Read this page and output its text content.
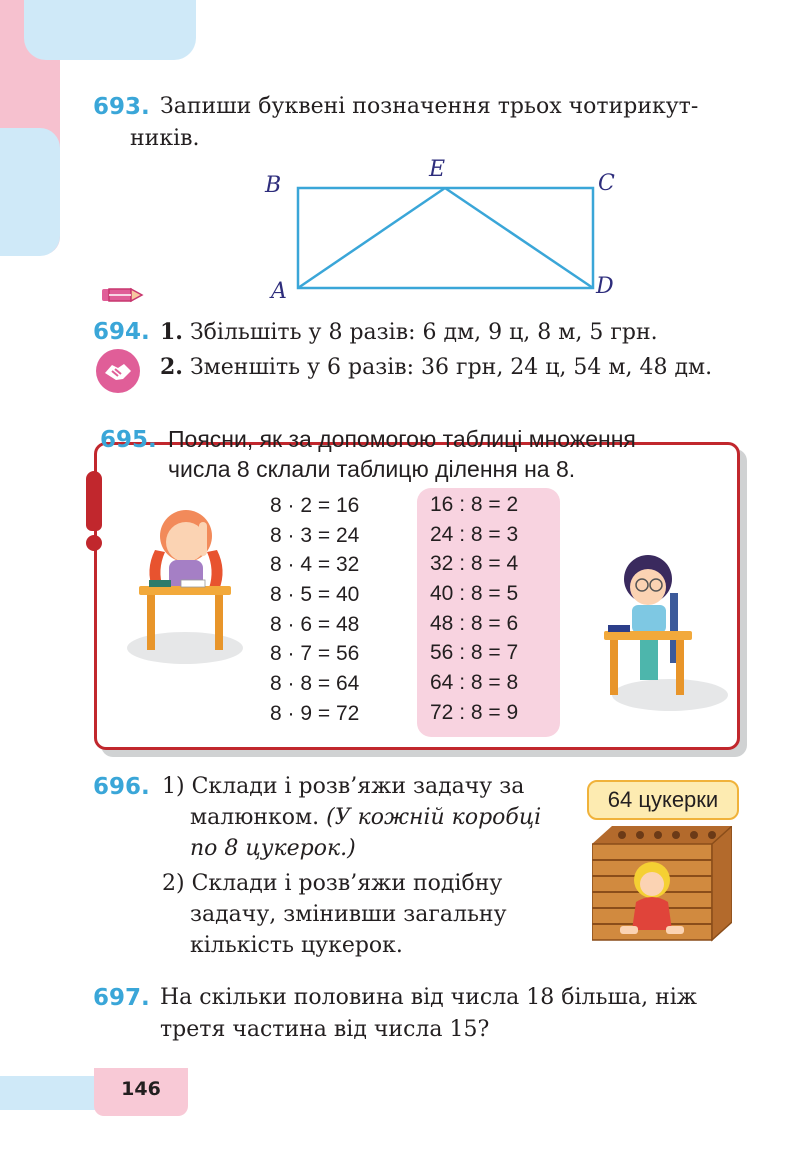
693. Запиши буквені позначення трьох чотирикут-
ників.
B
E
C
A	D
694. 1. Збільшіть у 8 разів: 6 дм, 9 ц, 8 м, 5 грн.
2. Зменшіть у 6 разів: 36 грн, 24 ц, 54 м, 48 дм.
695. Поясни, як за допомогою таблиці множення
числа 8 склали таблицю ділення на 8.
8 · 2 = 16
8 · 3 = 24
8 · 4 = 32
8 · 5 = 40
8 · 6 = 48
8 · 7 = 56
8 · 8 = 64
8 · 9 = 72
16 : 8 = 2
24 : 8 = 3
32 : 8 = 4
40 : 8 = 5
48 : 8 = 6
56 : 8 = 7
64 : 8 = 8
72 : 8 = 9
696. 1) Склади і розв’яжи задачу за
малюнком. (У кожній коробці
по 8 цукерок.)
2) Склади і розв’яжи подібну
задачу, змінивши загальну
кількість цукерок.
64 цукерки
697. На скільки половина від числа 18 більша, ніж
третя частина від числа 15?
146
